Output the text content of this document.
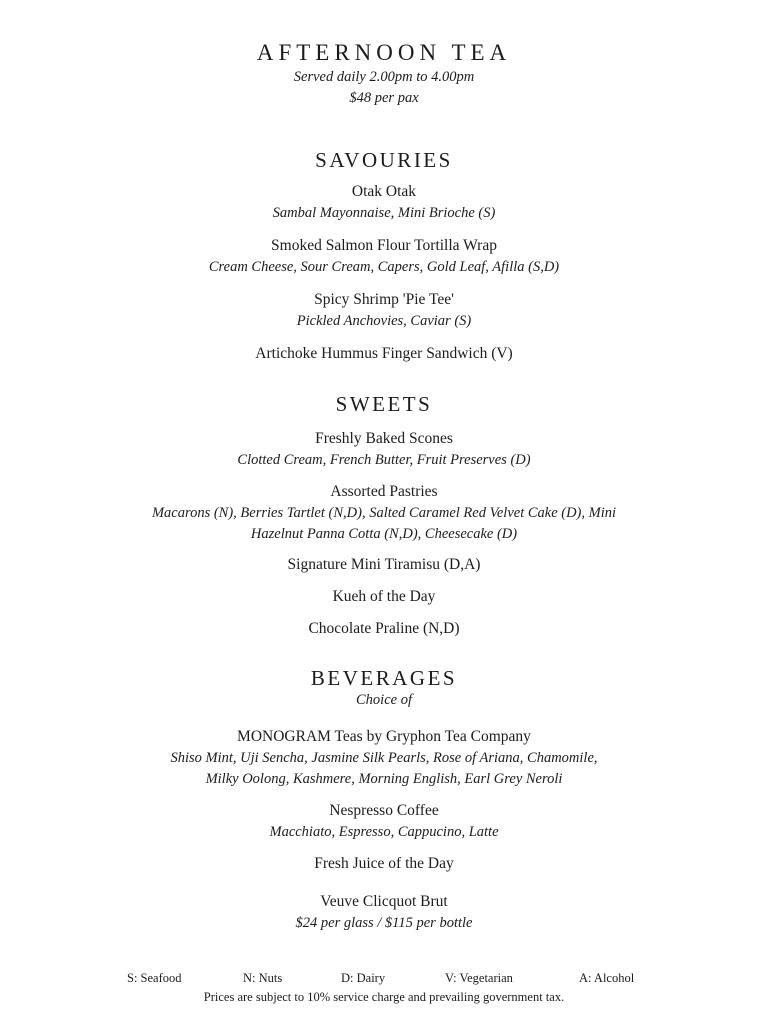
AFTERNOON TEA
Served daily 2.00pm to 4.00pm
$48 per pax
SAVOURIES
Otak Otak
Sambal Mayonnaise, Mini Brioche (S)
Smoked Salmon Flour Tortilla Wrap
Cream Cheese, Sour Cream, Capers, Gold Leaf, Afilla (S,D)
Spicy Shrimp 'Pie Tee'
Pickled Anchovies, Caviar (S)
Artichoke Hummus Finger Sandwich (V)
SWEETS
Freshly Baked Scones
Clotted Cream, French Butter, Fruit Preserves (D)
Assorted Pastries
Macarons (N), Berries Tartlet (N,D), Salted Caramel Red Velvet Cake (D), Mini
Hazelnut Panna Cotta (N,D), Cheesecake (D)
Signature Mini Tiramisu (D,A)
Kueh of the Day
Chocolate Praline (N,D)
BEVERAGES
Choice of
MONOGRAM Teas by Gryphon Tea Company
Shiso Mint, Uji Sencha, Jasmine Silk Pearls, Rose of Ariana, Chamomile,
Milky Oolong, Kashmere, Morning English, Earl Grey Neroli
Nespresso Coffee
Macchiato, Espresso, Cappucino, Latte
Fresh Juice of the Day
Veuve Clicquot Brut
$24 per glass / $115 per bottle
S: Seafood	N: Nuts	D: Dairy	V: Vegetarian	A: Alcohol
Prices are subject to 10% service charge and prevailing government tax.
